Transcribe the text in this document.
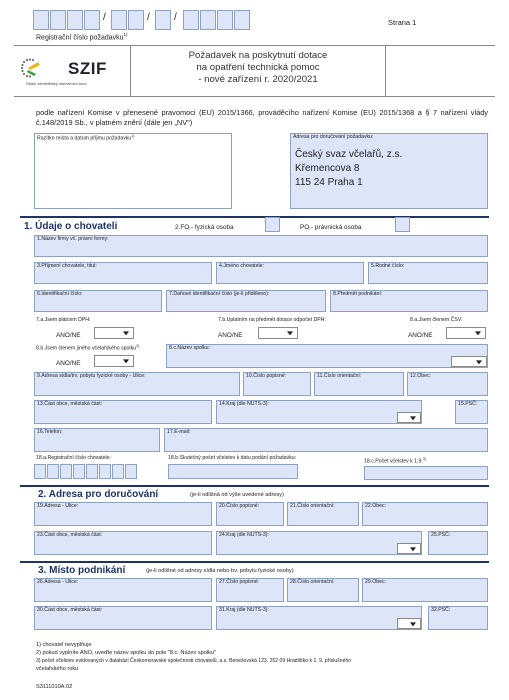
/	/ /
Registrační číslo požadavku$^{1)}$
Strana 1
SZIF
Státní zemědělský intervenční fond
Požadavek na poskytnutí dotace
na opatření technická pomoc
- nové zařízení r. 2020/2021
podle nařízení Komise v přenesené pravomoci (EU) 2015/1366, prováděcího nařízení Komise (EU) 2015/1368 a § 7 nařízení vlády č.148/2019 Sb., v platném znění (dále jen „NV")
Razítko místa a datum příjmu požadavku$^{1)}$	Adresa pro doručování požadavku:
Český svaz včelařů, z.s.
Křemencova 8
115 24 Praha 1
1. Údaje o chovateli	2.FO - fyzická osoba	PO - právnická osoba
1.Název firmy vč. právní formy:
3.Příjmení chovatele, titul:	4.Jméno chovatele:	5.Rodné číslo:
6.Identifikační číslo:	7.Daňové identifikační číslo (je-li přiděleno):	8.Předmět podnikání:
7.a.Jsem plátcem DPH:
ANO/NE
7.b.Uplatním na předmět dotace odpočet DPH:
ANO/NE
8.a.Jsem členem ČSV:
ANO/NE
8.b.Jsem členem jiného včelařského spolku$^{2)}$
ANO/NE
8.c.Název spolku:
9.Adresa sídla/trv. pobytu fyzické osoby - Ulice:	10.Číslo popisné:	11.Číslo orientační:	12.Obec:
13.Část obce, městská část:	14.Kraj (dle NUTS-3):	15.PSČ:
16.Telefon:	17.E-mail:
18.a.Registrační číslo chovatele:	18.b.Skutečný počet včelstev k datu podání požadavku:
18.c.Počet včelstev k 1.9.$^{3)}$
2. Adresa pro doručování	(je-li odlišná od výše uvedené adresy)
19.Adresa - Ulice:	20.Číslo popisné:	21.Číslo orientační:	22.Obec:
23.Část obce, městská část:	24.Kraj (dle NUTS-3):	25.PSČ:
3. Místo podnikání	(je-li odlišné od adresy sídla nebo trv. pobytu fyzické osoby)
26.Adresa - Ulice:	27.Číslo popisné:	28.Číslo orientační:	29.Obec:
30.Část obce, městská část:	31.Kraj (dle NUTS-3):	32.PSČ:
1) chovatel nevyplňuje
2) pokud vyplníte ANO, uveďte název spolku do pole "8.c. Název spolku"
3) počet včelstev evidovaných v databázi Českomoravské společnosti chovatelů, a.s. Benešovská 123, 252 09 Hradištko k 1. 9. příslušného
včelařského roku
S3111010A.02
